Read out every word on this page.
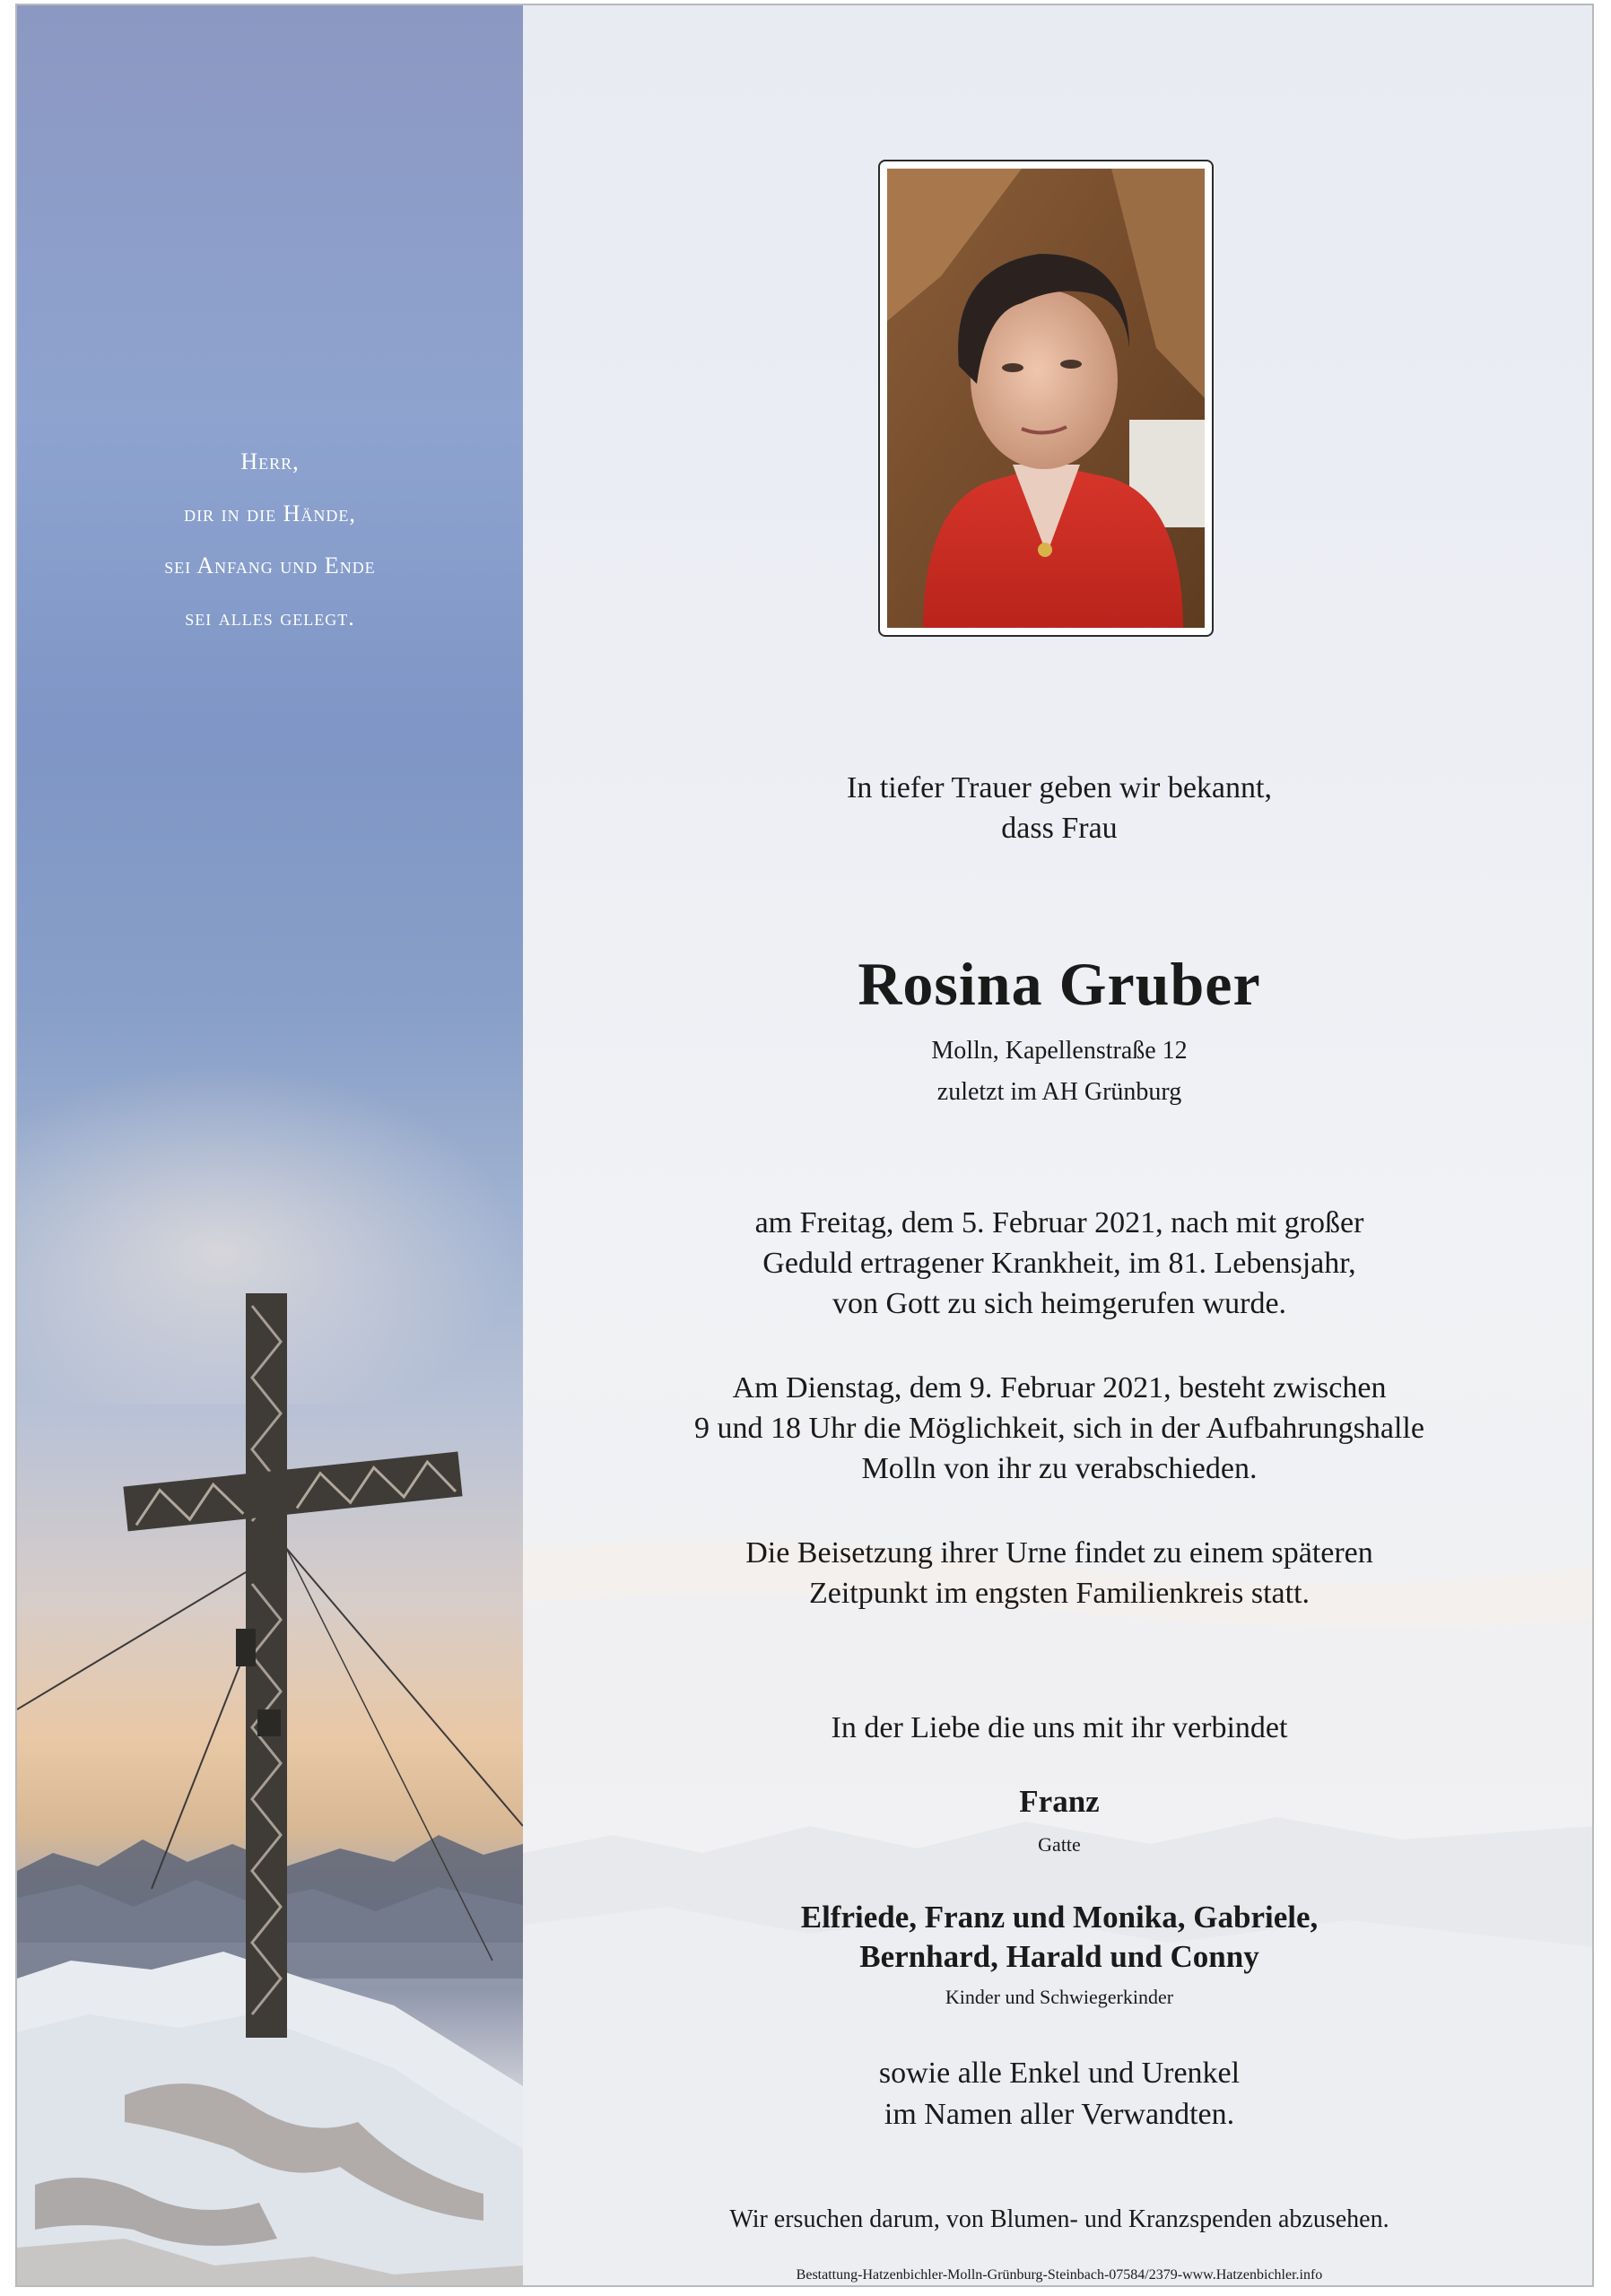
Herr,
dir in die Hände,
sei Anfang und Ende
sei alles gelegt.
In tiefer Trauer geben wir bekannt,
dass Frau
Rosina Gruber
Molln, Kapellenstraße 12
zuletzt im AH Grünburg
am Freitag, dem 5. Februar 2021, nach mit großer
Geduld ertragener Krankheit, im 81. Lebensjahr,
von Gott zu sich heimgerufen wurde.
Am Dienstag, dem 9. Februar 2021, besteht zwischen
9 und 18 Uhr die Möglichkeit, sich in der Aufbahrungshalle
Molln von ihr zu verabschieden.
Die Beisetzung ihrer Urne findet zu einem späteren
Zeitpunkt im engsten Familienkreis statt.
In der Liebe die uns mit ihr verbindet
Franz
Gatte
Elfriede, Franz und Monika, Gabriele,
Bernhard, Harald und Conny
Kinder und Schwiegerkinder
sowie alle Enkel und Urenkel
im Namen aller Verwandten.
Wir ersuchen darum, von Blumen- und Kranzspenden abzusehen.
Bestattung-Hatzenbichler-Molln-Grünburg-Steinbach-07584/2379-www.Hatzenbichler.info
